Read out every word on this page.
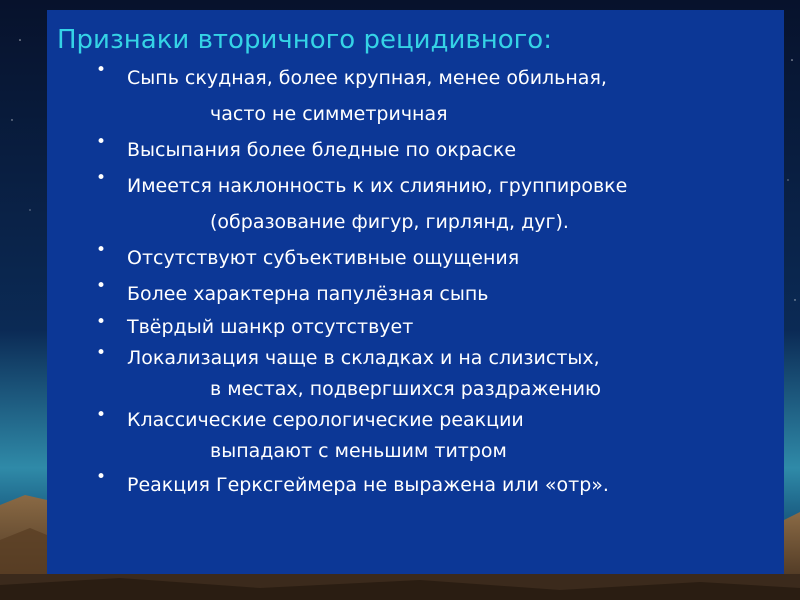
Признаки вторичного рецидивного:
• Сыпь скудная, более крупная, менее обильная,
часто не симметричная
• Высыпания более бледные по окраске
• Имеется наклонность к их слиянию, группировке
(образование фигур, гирлянд, дуг).
• Отсутствуют субъективные ощущения
• Более характерна папулёзная сыпь
• Твёрдый шанкр отсутствует
• Локализация чаще в складках и на слизистых,
в местах, подвергшихся раздражению
• Классические серологические реакции
выпадают с меньшим титром
• Реакция Герксгеймера не выражена или «отр».
